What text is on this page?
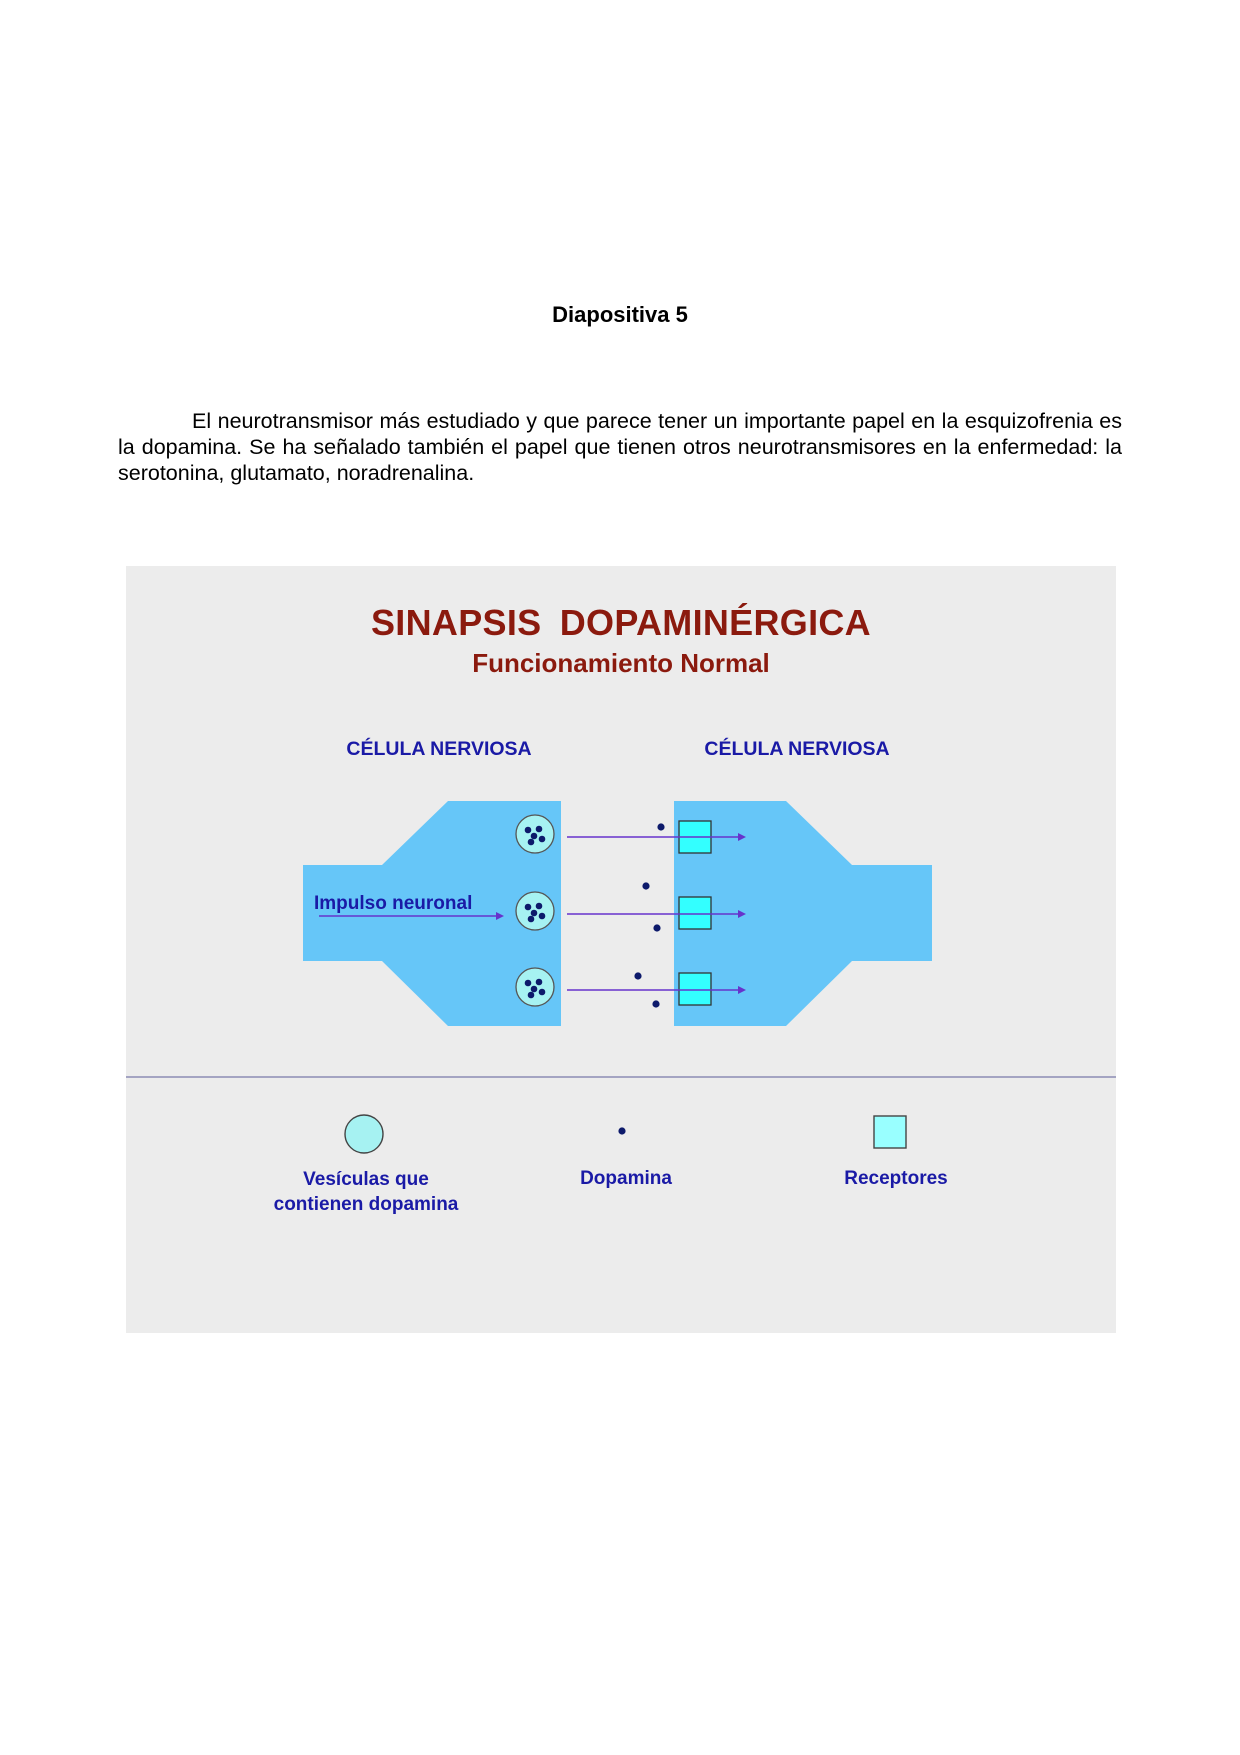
Diapositiva 5
El neurotransmisor más estudiado y que parece tener un importante papel en la esquizofrenia es la dopamina. Se ha señalado también el papel que tienen otros neurotransmisores en la enfermedad: la serotonina, glutamato, noradrenalina.
SINAPSIS DOPAMINÉRGICA
Funcionamiento Normal
CÉLULA NERVIOSA	CÉLULA NERVIOSA
Impulso neuronal
Vesículas que
contienen dopamina
Dopamina	Receptores
